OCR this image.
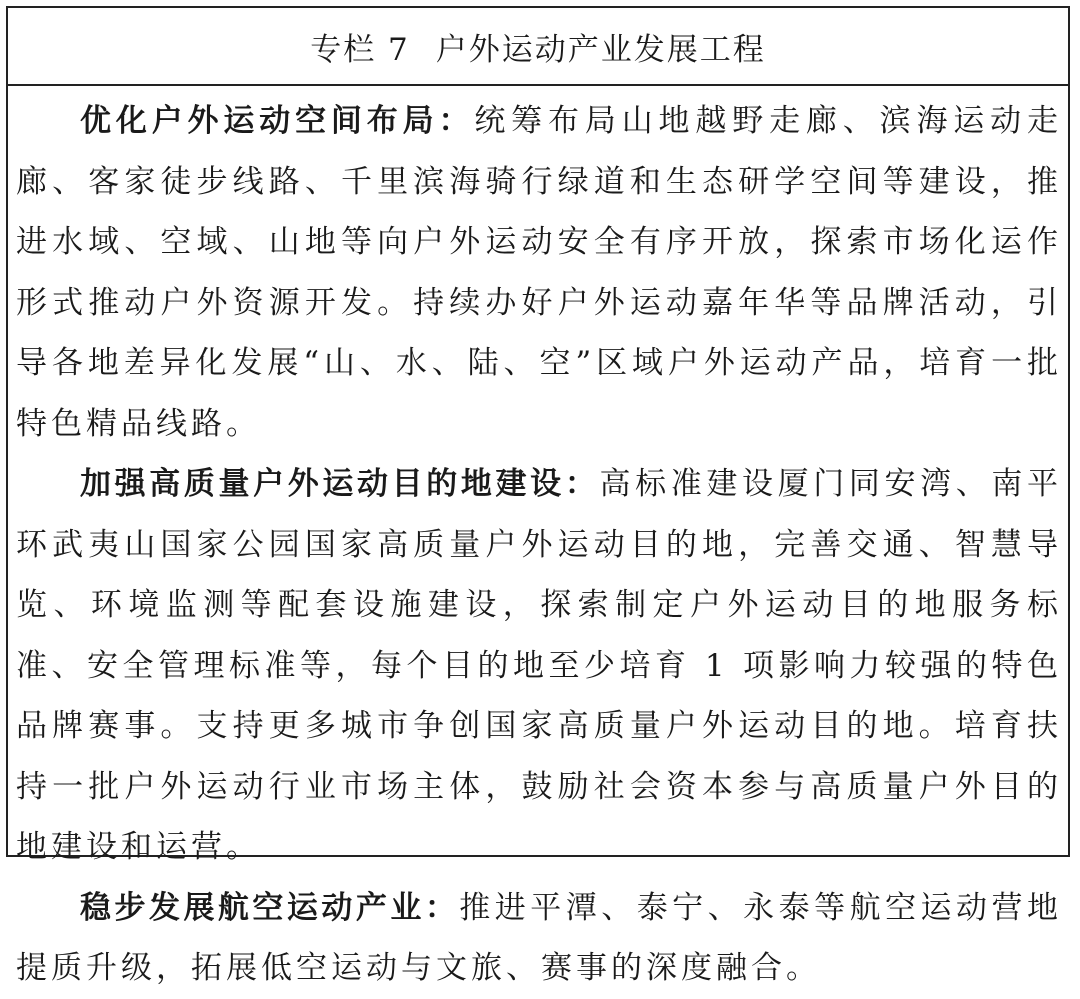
专栏 7 户外运动产业发展工程

优化户外运动空间布局：统筹布局山地越野走廊、滨海运动走廊、客家徒步线路、千里滨海骑行绿道和生态研学空间等建设，推进水域、空域、山地等向户外运动安全有序开放，探索市场化运作形式推动户外资源开发。持续办好户外运动嘉年华等品牌活动，引导各地差异化发展“山、水、陆、空”区域户外运动产品，培育一批特色精品线路。

加强高质量户外运动目的地建设：高标准建设厦门同安湾、南平环武夷山国家公园国家高质量户外运动目的地，完善交通、智慧导览、环境监测等配套设施建设，探索制定户外运动目的地服务标准、安全管理标准等，每个目的地至少培育 1 项影响力较强的特色品牌赛事。支持更多城市争创国家高质量户外运动目的地。培育扶持一批户外运动行业市场主体，鼓励社会资本参与高质量户外目的地建设和运营。

稳步发展航空运动产业：推进平潭、泰宁、永泰等航空运动营地提质升级，拓展低空运动与文旅、赛事的深度融合。
